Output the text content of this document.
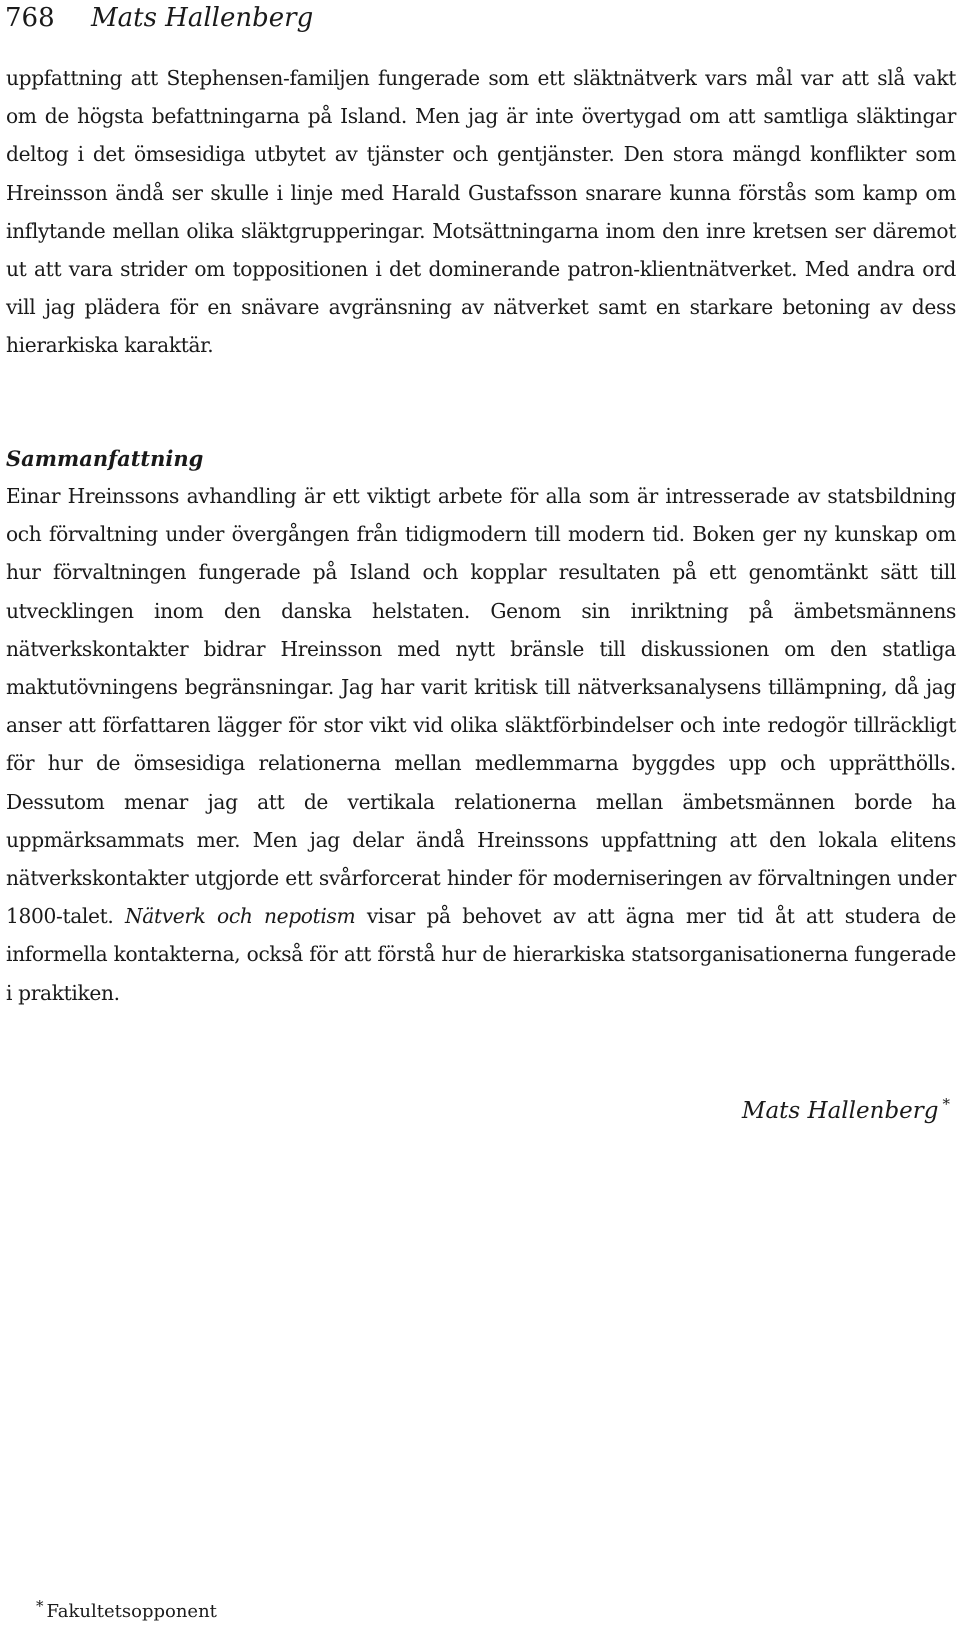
768 Mats Hallenberg

uppfattning att Stephensen-familjen fungerade som ett släktnätverk vars mål var att slå vakt om de högsta befattningarna på Island. Men jag är inte övertygad om att samtliga släktingar deltog i det ömsesidiga utbytet av tjänster och gentjänster. Den stora mängd konflikter som Hreinsson ändå ser skulle i linje med Harald Gustafsson snarare kunna förstås som kamp om inflytande mellan olika släktgrupperingar. Motsättningarna inom den inre kretsen ser däremot ut att vara strider om toppositionen i det dominerande patron-klientnätverket. Med andra ord vill jag plädera för en snävare avgränsning av nätverket samt en starkare betoning av dess hierarkiska karaktär.

Sammanfattning

Einar Hreinssons avhandling är ett viktigt arbete för alla som är intresserade av statsbildning och förvaltning under övergången från tidigmodern till modern tid. Boken ger ny kunskap om hur förvaltningen fungerade på Island och kopplar resultaten på ett genomtänkt sätt till utvecklingen inom den danska helstaten. Genom sin inriktning på ämbetsmännens nätverkskontakter bidrar Hreinsson med nytt bränsle till diskussionen om den statliga maktutövningens begränsningar. Jag har varit kritisk till nätverksanalysens tillämpning, då jag anser att författaren lägger för stor vikt vid olika släktförbindelser och inte redogör tillräckligt för hur de ömsesidiga relationerna mellan medlemmarna byggdes upp och upprätthölls. Dessutom menar jag att de vertikala relationerna mellan ämbetsmännen borde ha uppmärksammats mer. Men jag delar ändå Hreinssons uppfattning att den lokala elitens nätverkskontakter utgjorde ett svårforcerat hinder för moderniseringen av förvaltningen under 1800-talet. Nätverk och nepotism visar på behovet av att ägna mer tid åt att studera de informella kontakterna, också för att förstå hur de hierarkiska statsorganisationerna fungerade i praktiken.

Mats Hallenberg *
* Fakultetsopponent
